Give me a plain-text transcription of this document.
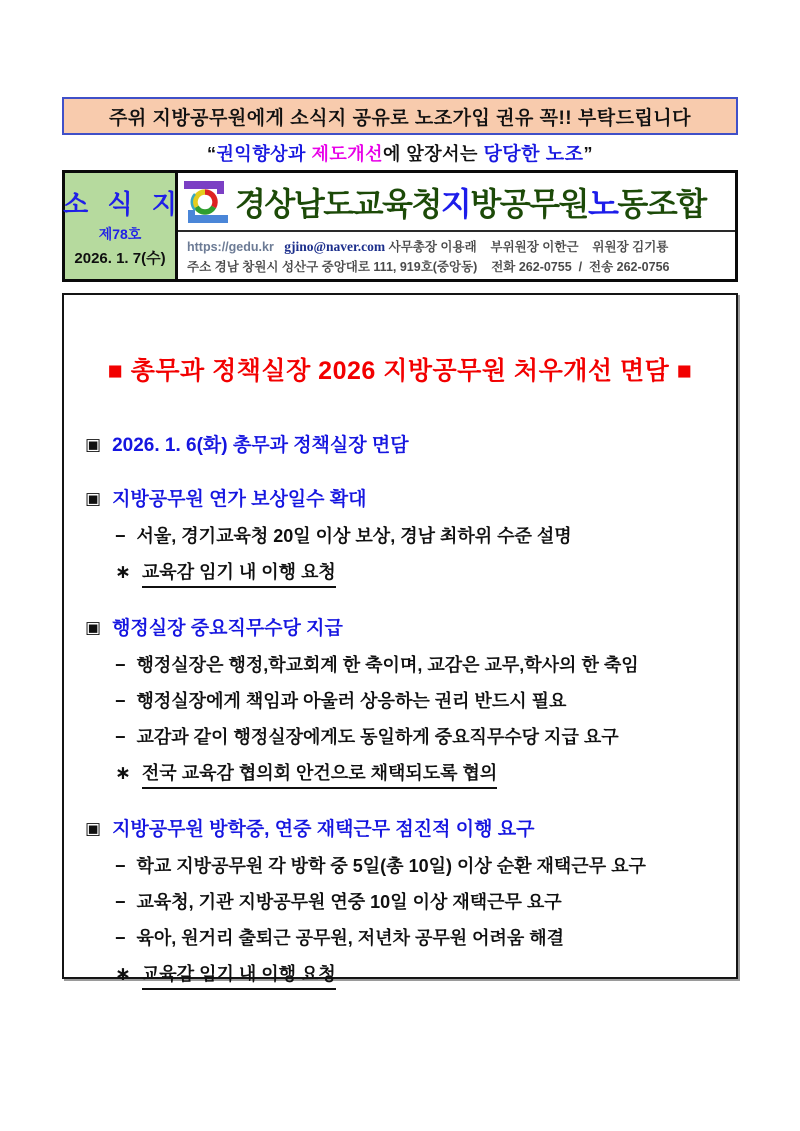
주위 지방공무원에게 소식지 공유로 노조가입 권유 꼭!! 부탁드립니다
“권익향상과 제도개선에 앞장서는 당당한 노조”
소 식 지
제78호
2026. 1. 7(수)
경상남도교육청지방공무원노동조합
https://gedu.kr gjino@naver.com 사무총장 이용래    부위원장 이한근    위원장 김기룡
주소 경남 창원시 성산구 중앙대로 111, 919호(중앙동)    전화 262-0755  /  전송 262-0756
■ 총무과 정책실장 2026 지방공무원 처우개선 면담 ■
▣ 2026. 1. 6(화) 총무과 정책실장 면담
▣ 지방공무원 연가 보상일수 확대
− 서울, 경기교육청 20일 이상 보상, 경남 최하위 수준 설명
∗ 교육감 임기 내 이행 요청
▣ 행정실장 중요직무수당 지급
− 행정실장은 행정,학교회계 한 축이며, 교감은 교무,학사의 한 축임
− 행정실장에게 책임과 아울러 상응하는 권리 반드시 필요
− 교감과 같이 행정실장에게도 동일하게 중요직무수당 지급 요구
∗ 전국 교육감 협의회 안건으로 채택되도록 협의
▣ 지방공무원 방학중, 연중 재택근무 점진적 이행 요구
− 학교 지방공무원 각 방학 중 5일(총 10일) 이상 순환 재택근무 요구
− 교육청, 기관 지방공무원 연중 10일 이상 재택근무 요구
− 육아, 원거리 출퇴근 공무원, 저년차 공무원 어려움 해결
∗ 교육감 임기 내 이행 요청
